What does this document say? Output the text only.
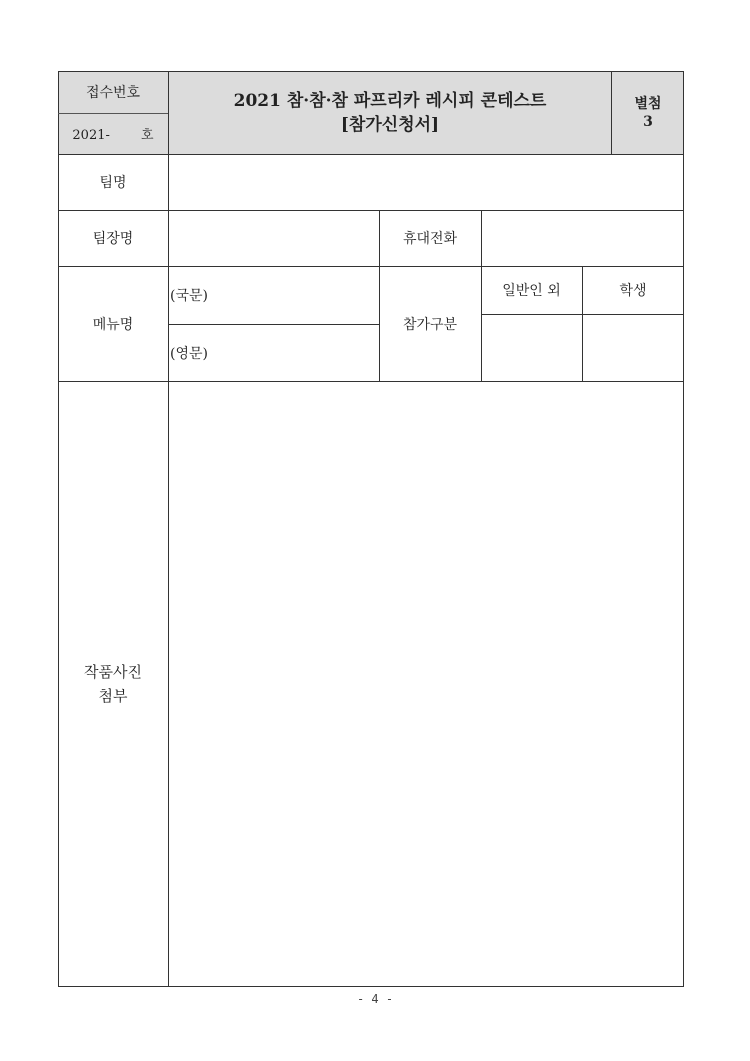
접수번호
2021-　 호
2021 참·참·참 파프리카 레시피 콘테스트
[참가신청서]
별첨
3
팀명
팀장명	휴대전화
메뉴명
(국문)
(영문)
참가구분
일반인 외	학생
작품사진
첨부
- 4 -
